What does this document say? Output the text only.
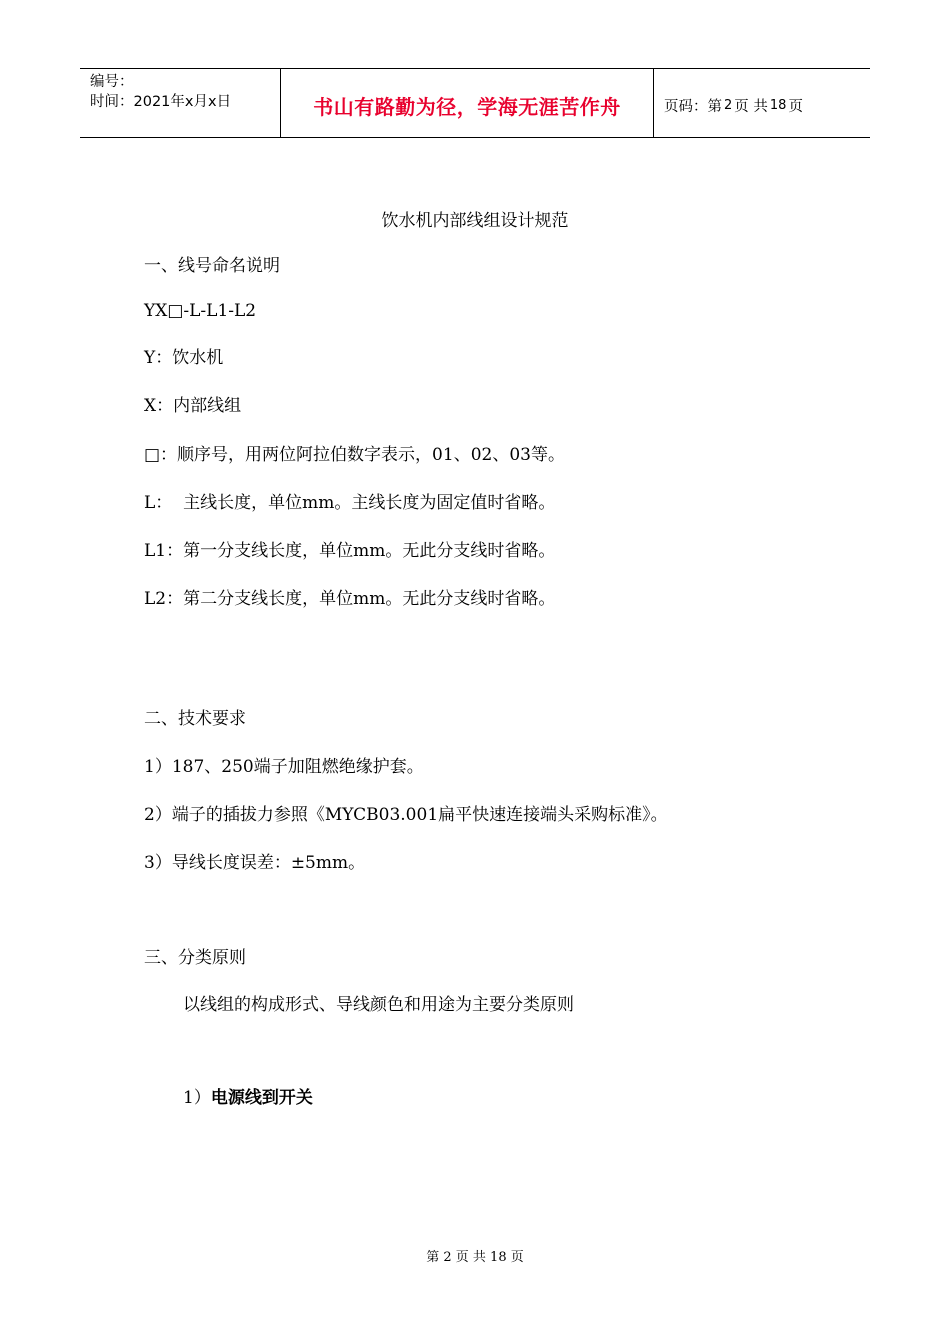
编号：
时间：2021年x月x日	书山有路勤为径，学海无涯苦作舟	页码：第 2 页 共 18 页
饮水机内部线组设计规范
一、线号命名说明
YX□-L-L1-L2
Y：饮水机
X：内部线组
□：顺序号，用两位阿拉伯数字表示，01、02、03等。
L：  主线长度，单位mm。主线长度为固定值时省略。
L1：第一分支线长度，单位mm。无此分支线时省略。
L2：第二分支线长度，单位mm。无此分支线时省略。
二、技术要求
1）187、250端子加阻燃绝缘护套。
2）端子的插拔力参照《MYCB03.001扁平快速连接端头采购标准》。
3）导线长度误差：±5mm。
三、分类原则
以线组的构成形式、导线颜色和用途为主要分类原则
1）电源线到开关
第 2 页 共 18 页
